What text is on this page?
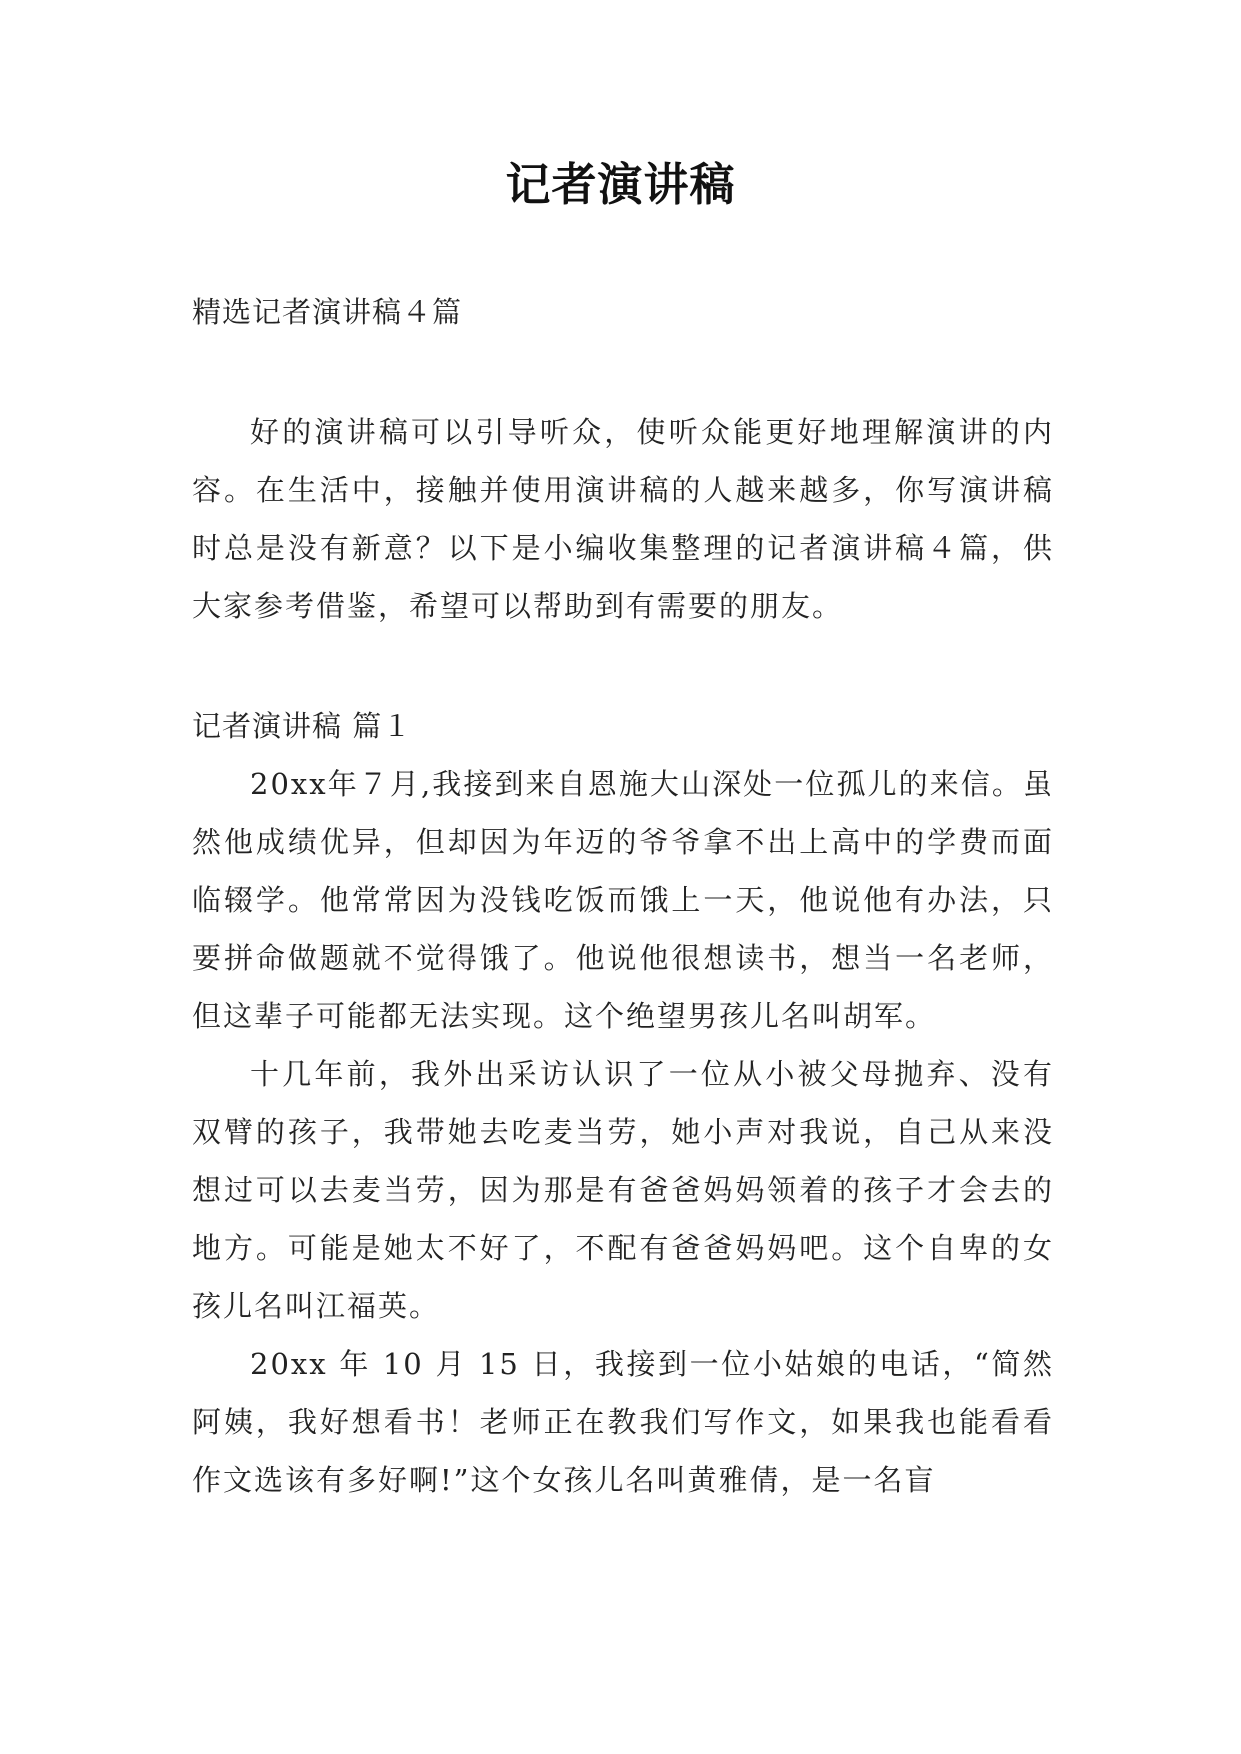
记者演讲稿

精选记者演讲稿４篇

好的演讲稿可以引导听众，使听众能更好地理解演讲的内容。在生活中，接触并使用演讲稿的人越来越多，你写演讲稿时总是没有新意？以下是小编收集整理的记者演讲稿４篇，供大家参考借鉴，希望可以帮助到有需要的朋友。

记者演讲稿 篇１

20xx年７月,我接到来自恩施大山深处一位孤儿的来信。虽然他成绩优异，但却因为年迈的爷爷拿不出上高中的学费而面临辍学。他常常因为没钱吃饭而饿上一天，他说他有办法，只要拼命做题就不觉得饿了。他说他很想读书，想当一名老师，但这辈子可能都无法实现。这个绝望男孩儿名叫胡军。

十几年前，我外出采访认识了一位从小被父母抛弃、没有双臂的孩子，我带她去吃麦当劳，她小声对我说，自己从来没想过可以去麦当劳，因为那是有爸爸妈妈领着的孩子才会去的地方。可能是她太不好了，不配有爸爸妈妈吧。这个自卑的女孩儿名叫江福英。

20xx 年 10 月 15 日，我接到一位小姑娘的电话，“简然阿姨，我好想看书！老师正在教我们写作文，如果我也能看看作文选该有多好啊!”这个女孩儿名叫黄雅倩，是一名盲
